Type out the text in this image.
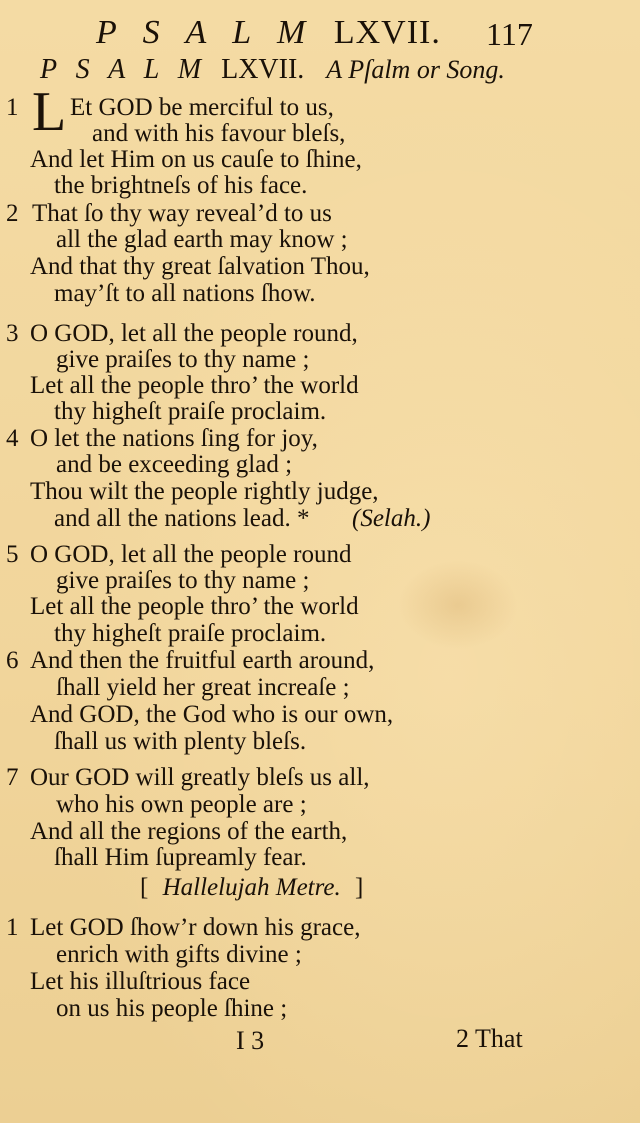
P S A L M LXVII. 117
P S A L M LXVII. A Pſalm or Song.
1 L Et GOD be merciful to us,
and with his favour bleſs,
And let Him on us cauſe to ſhine,
the brightneſs of his face.
2 That ſo thy way reveal’d to us
all the glad earth may know ;
And that thy great ſalvation Thou,
may’ſt to all nations ſhow.
3 O GOD, let all the people round,
give praiſes to thy name ;
Let all the people thro’ the world
thy higheſt praiſe proclaim.
4 O let the nations ſing for joy,
and be exceeding glad ;
Thou wilt the people rightly judge,
and all the nations lead. * (Selah.)
5 O GOD, let all the people round
give praiſes to thy name ;
Let all the people thro’ the world
thy higheſt praiſe proclaim.
6 And then the fruitful earth around,
ſhall yield her great increaſe ;
And GOD, the God who is our own,
ſhall us with plenty bleſs.
7 Our GOD will greatly bleſs us all,
who his own people are ;
And all the regions of the earth,
ſhall Him ſupreamly fear.
[ Hallelujah Metre. ]
1 Let GOD ſhow’r down his grace,
enrich with gifts divine ;
Let his illuſtrious face
on us his people ſhine ;
I 3	2 That
